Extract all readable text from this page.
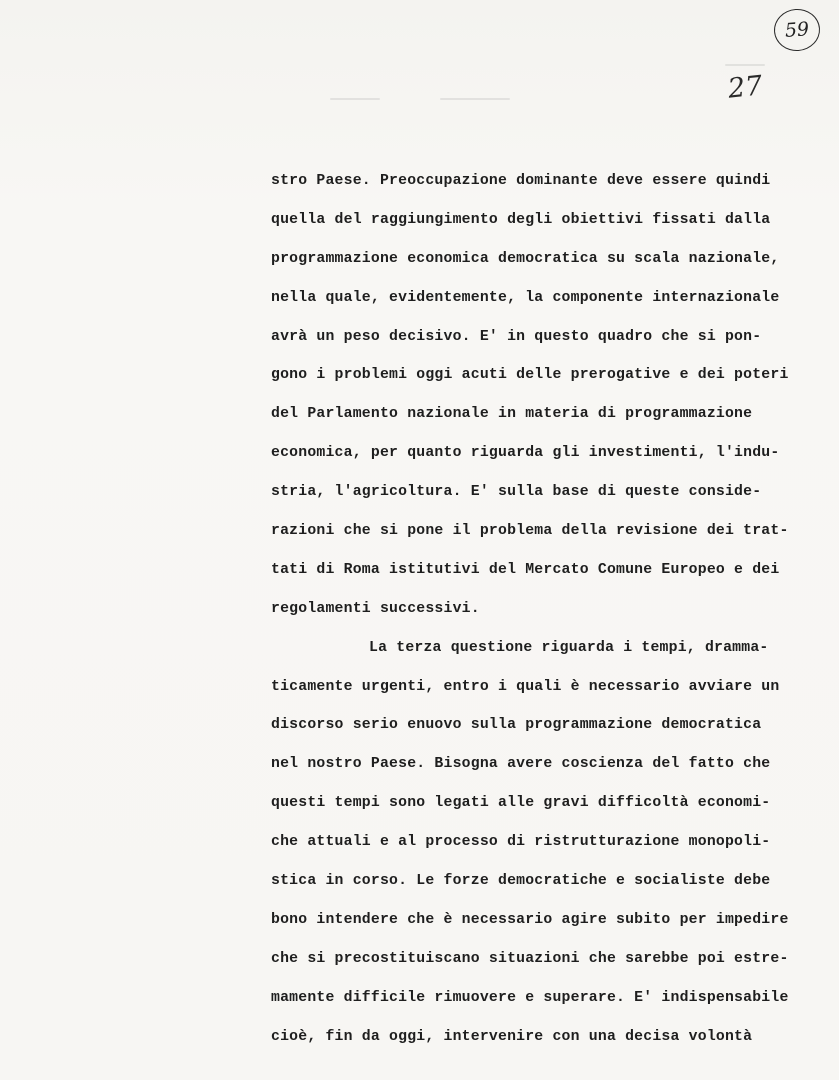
59
27
stro Paese. Preoccupazione dominante deve essere quindi
quella del raggiungimento degli obiettivi fissati dalla
programmazione economica democratica su scala nazionale,
nella quale, evidentemente, la componente internazionale
avrà un peso decisivo. E' in questo quadro che si pon-
gono i problemi oggi acuti delle prerogative e dei poteri
del Parlamento nazionale in materia di programmazione
economica, per quanto riguarda gli investimenti, l'indu-
stria, l'agricoltura. E' sulla base di queste conside-
razioni che si pone il problema della revisione dei trat-
tati di Roma istitutivi del Mercato Comune Europeo e dei
regolamenti successivi.
La terza questione riguarda i tempi, dramma-
ticamente urgenti, entro i quali è necessario avviare un
discorso serio enuovo sulla programmazione democratica
nel nostro Paese. Bisogna avere coscienza del fatto che
questi tempi sono legati alle gravi difficoltà economi-
che attuali e al processo di ristrutturazione monopoli-
stica in corso. Le forze democratiche e socialiste debe
bono intendere che è necessario agire subito per impedire
che si precostituiscano situazioni che sarebbe poi estre-
mamente difficile rimuovere e superare. E' indispensabile
cioè, fin da oggi, intervenire con una decisa volontà
